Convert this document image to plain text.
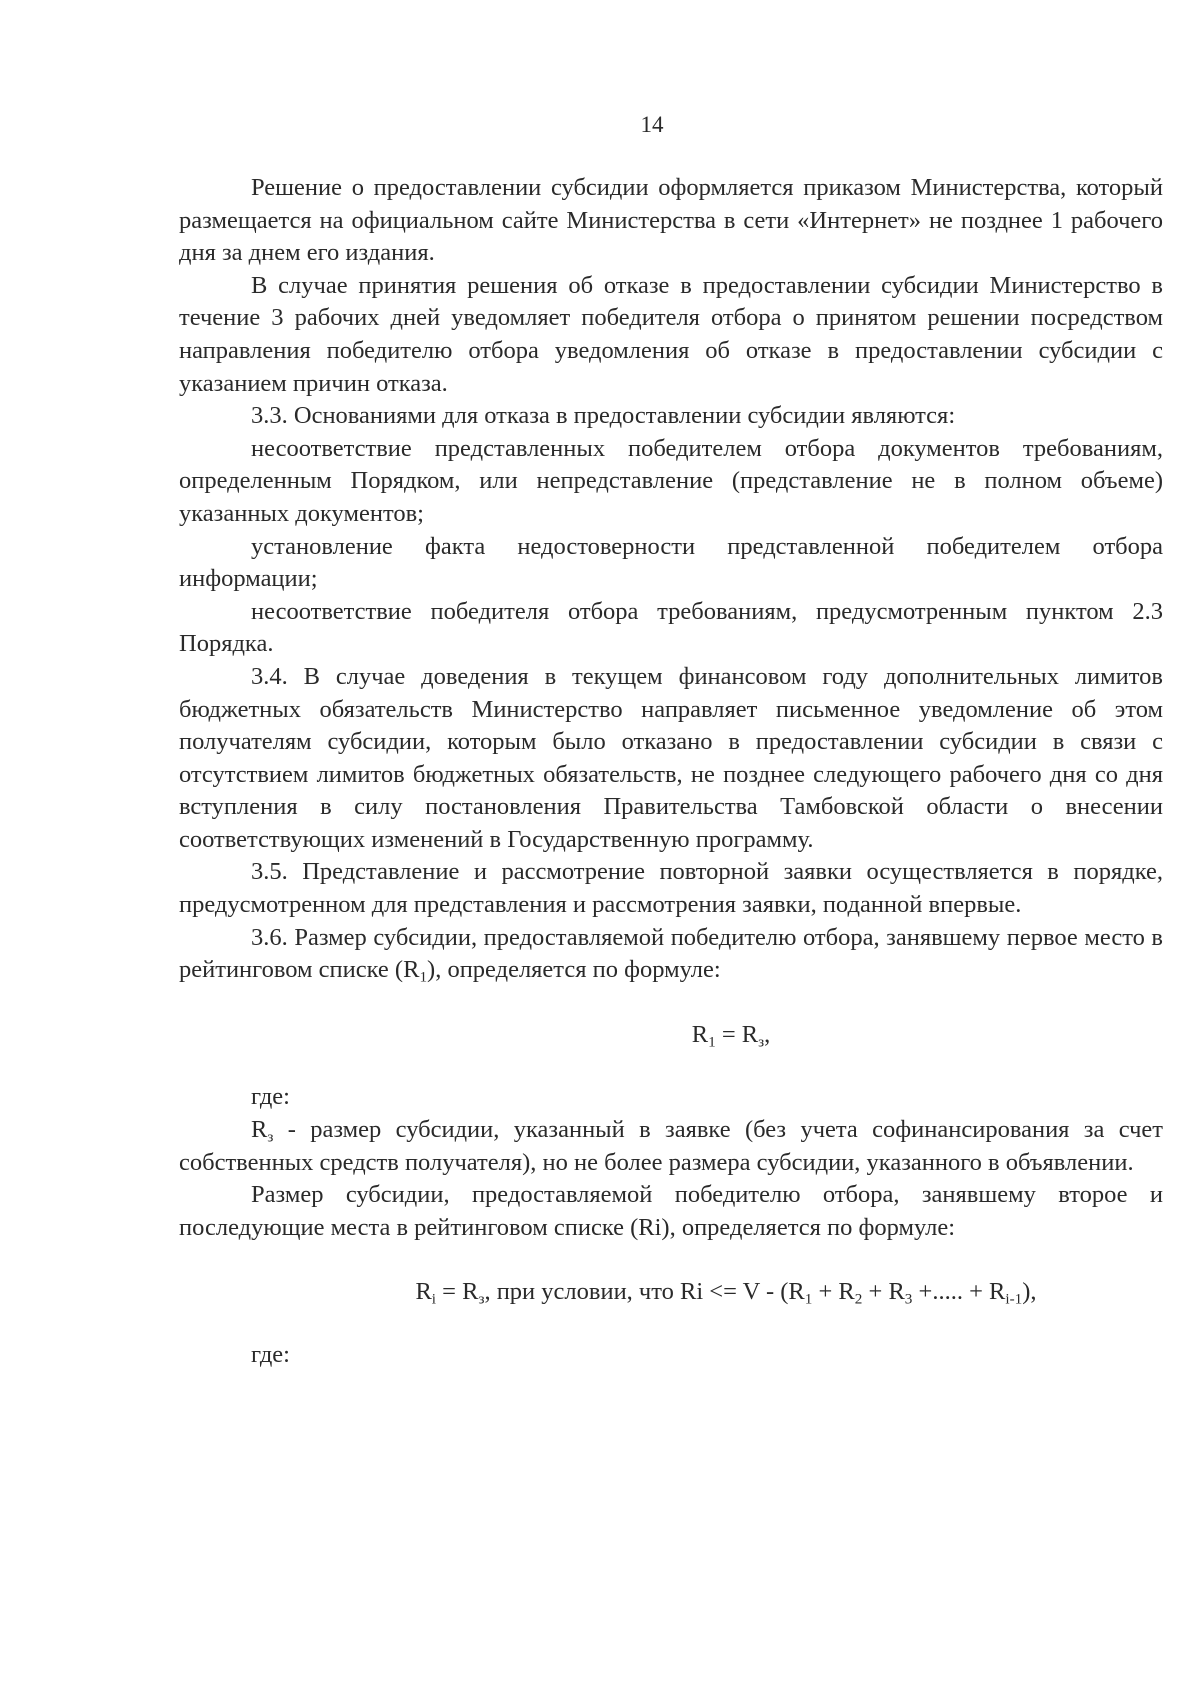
14

Решение о предоставлении субсидии оформляется приказом Министерства, который размещается на официальном сайте Министерства в сети «Интернет» не позднее 1 рабочего дня за днем его издания.

В случае принятия решения об отказе в предоставлении субсидии Министерство в течение 3 рабочих дней уведомляет победителя отбора о принятом решении посредством направления победителю отбора уведомления об отказе в предоставлении субсидии с указанием причин отказа.

3.3. Основаниями для отказа в предоставлении субсидии являются:

несоответствие представленных победителем отбора документов требованиям, определенным Порядком, или непредставление (представление не в полном объеме) указанных документов;

установление факта недостоверности представленной победителем отбора информации;

несоответствие победителя отбора требованиям, предусмотренным пунктом 2.3 Порядка.

3.4. В случае доведения в текущем финансовом году дополнительных лимитов бюджетных обязательств Министерство направляет письменное уведомление об этом получателям субсидии, которым было отказано в предоставлении субсидии в связи с отсутствием лимитов бюджетных обязательств, не позднее следующего рабочего дня со дня вступления в силу постановления Правительства Тамбовской области о внесении соответствующих изменений в Государственную программу.

3.5. Представление и рассмотрение повторной заявки осуществляется в порядке, предусмотренном для представления и рассмотрения заявки, поданной впервые.

3.6. Размер субсидии, предоставляемой победителю отбора, занявшему первое место в рейтинговом списке $(R_1)$, определяется по формуле:

$R_1 = R_з$,

где:

$R_з$ - размер субсидии, указанный в заявке (без учета софинансирования за счет собственных средств получателя), но не более размера субсидии, указанного в объявлении.

Размер субсидии, предоставляемой победителю отбора, занявшему второе и последующие места в рейтинговом списке (Ri), определяется по формуле:

$R_i = R_з$, при условии, что $Ri <= V - (R_1 + R_2 + R_3$ +..... + $R_{i-1}$),

где:
